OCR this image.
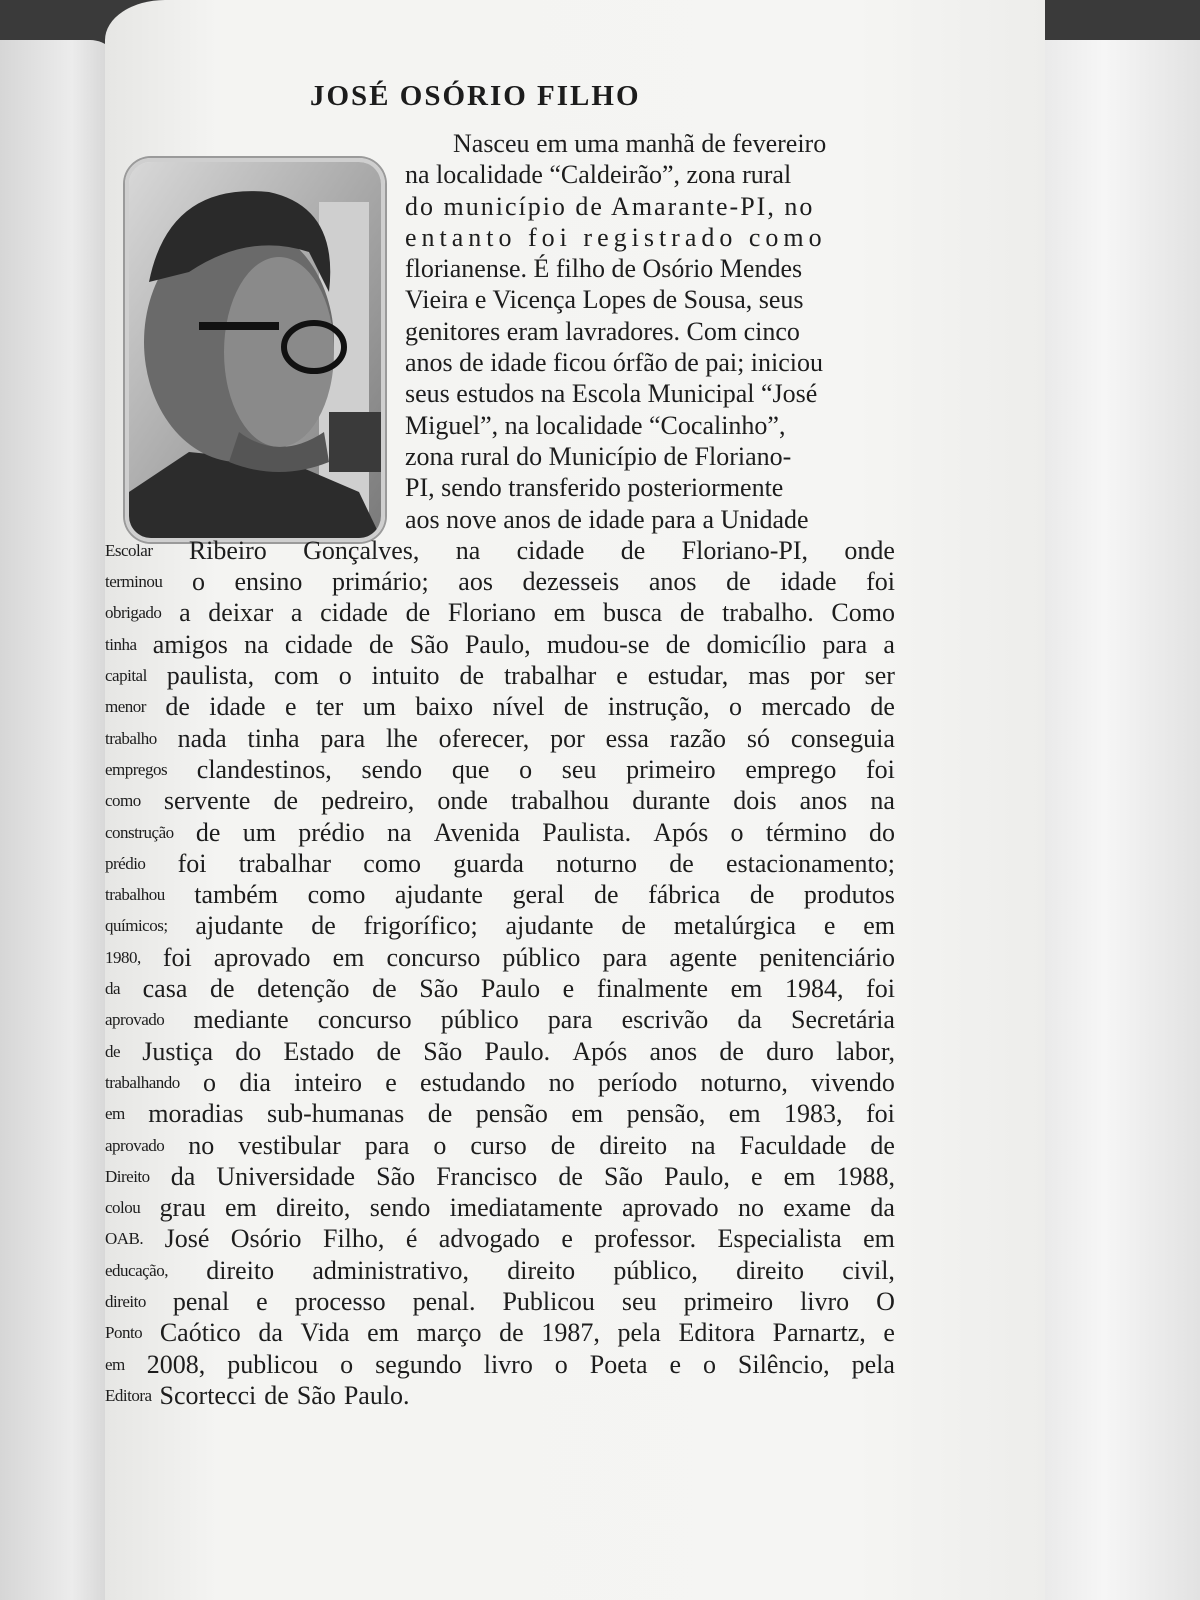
JOSÉ OSÓRIO FILHO
Nasceu em uma manhã de fevereiro
na localidade “Caldeirão”, zona rural
do município de Amarante-PI, no
entanto foi registrado como
florianense. É filho de Osório Mendes
Vieira e Vicença Lopes de Sousa, seus
genitores eram lavradores. Com cinco
anos de idade ficou órfão de pai; iniciou
seus estudos na Escola Municipal “José
Miguel”, na localidade “Cocalinho”,
zona rural do Município de Floriano-
PI, sendo transferido posteriormente
aos nove anos de idade para a Unidade
Escolar Ribeiro Gonçalves, na cidade de Floriano-PI, onde
terminou o ensino primário; aos dezesseis anos de idade foi
obrigado a deixar a cidade de Floriano em busca de trabalho. Como
tinha amigos na cidade de São Paulo, mudou-se de domicílio para a
capital paulista, com o intuito de trabalhar e estudar, mas por ser
menor de idade e ter um baixo nível de instrução, o mercado de
trabalho nada tinha para lhe oferecer, por essa razão só conseguia
empregos clandestinos, sendo que o seu primeiro emprego foi
como servente de pedreiro, onde trabalhou durante dois anos na
construção de um prédio na Avenida Paulista. Após o término do
prédio foi trabalhar como guarda noturno de estacionamento;
trabalhou também como ajudante geral de fábrica de produtos
químicos; ajudante de frigorífico; ajudante de metalúrgica e em
1980, foi aprovado em concurso público para agente penitenciário
da casa de detenção de São Paulo e finalmente em 1984, foi
aprovado mediante concurso público para escrivão da Secretária
de Justiça do Estado de São Paulo. Após anos de duro labor,
trabalhando o dia inteiro e estudando no período noturno, vivendo
em moradias sub-humanas de pensão em pensão, em 1983, foi
aprovado no vestibular para o curso de direito na Faculdade de
Direito da Universidade São Francisco de São Paulo, e em 1988,
colou grau em direito, sendo imediatamente aprovado no exame da
OAB. José Osório Filho, é advogado e professor. Especialista em
educação, direito administrativo, direito público, direito civil,
direito penal e processo penal. Publicou seu primeiro livro O
Ponto Caótico da Vida em março de 1987, pela Editora Parnartz, e
em 2008, publicou o segundo livro o Poeta e o Silêncio, pela
Editora Scortecci de São Paulo.
